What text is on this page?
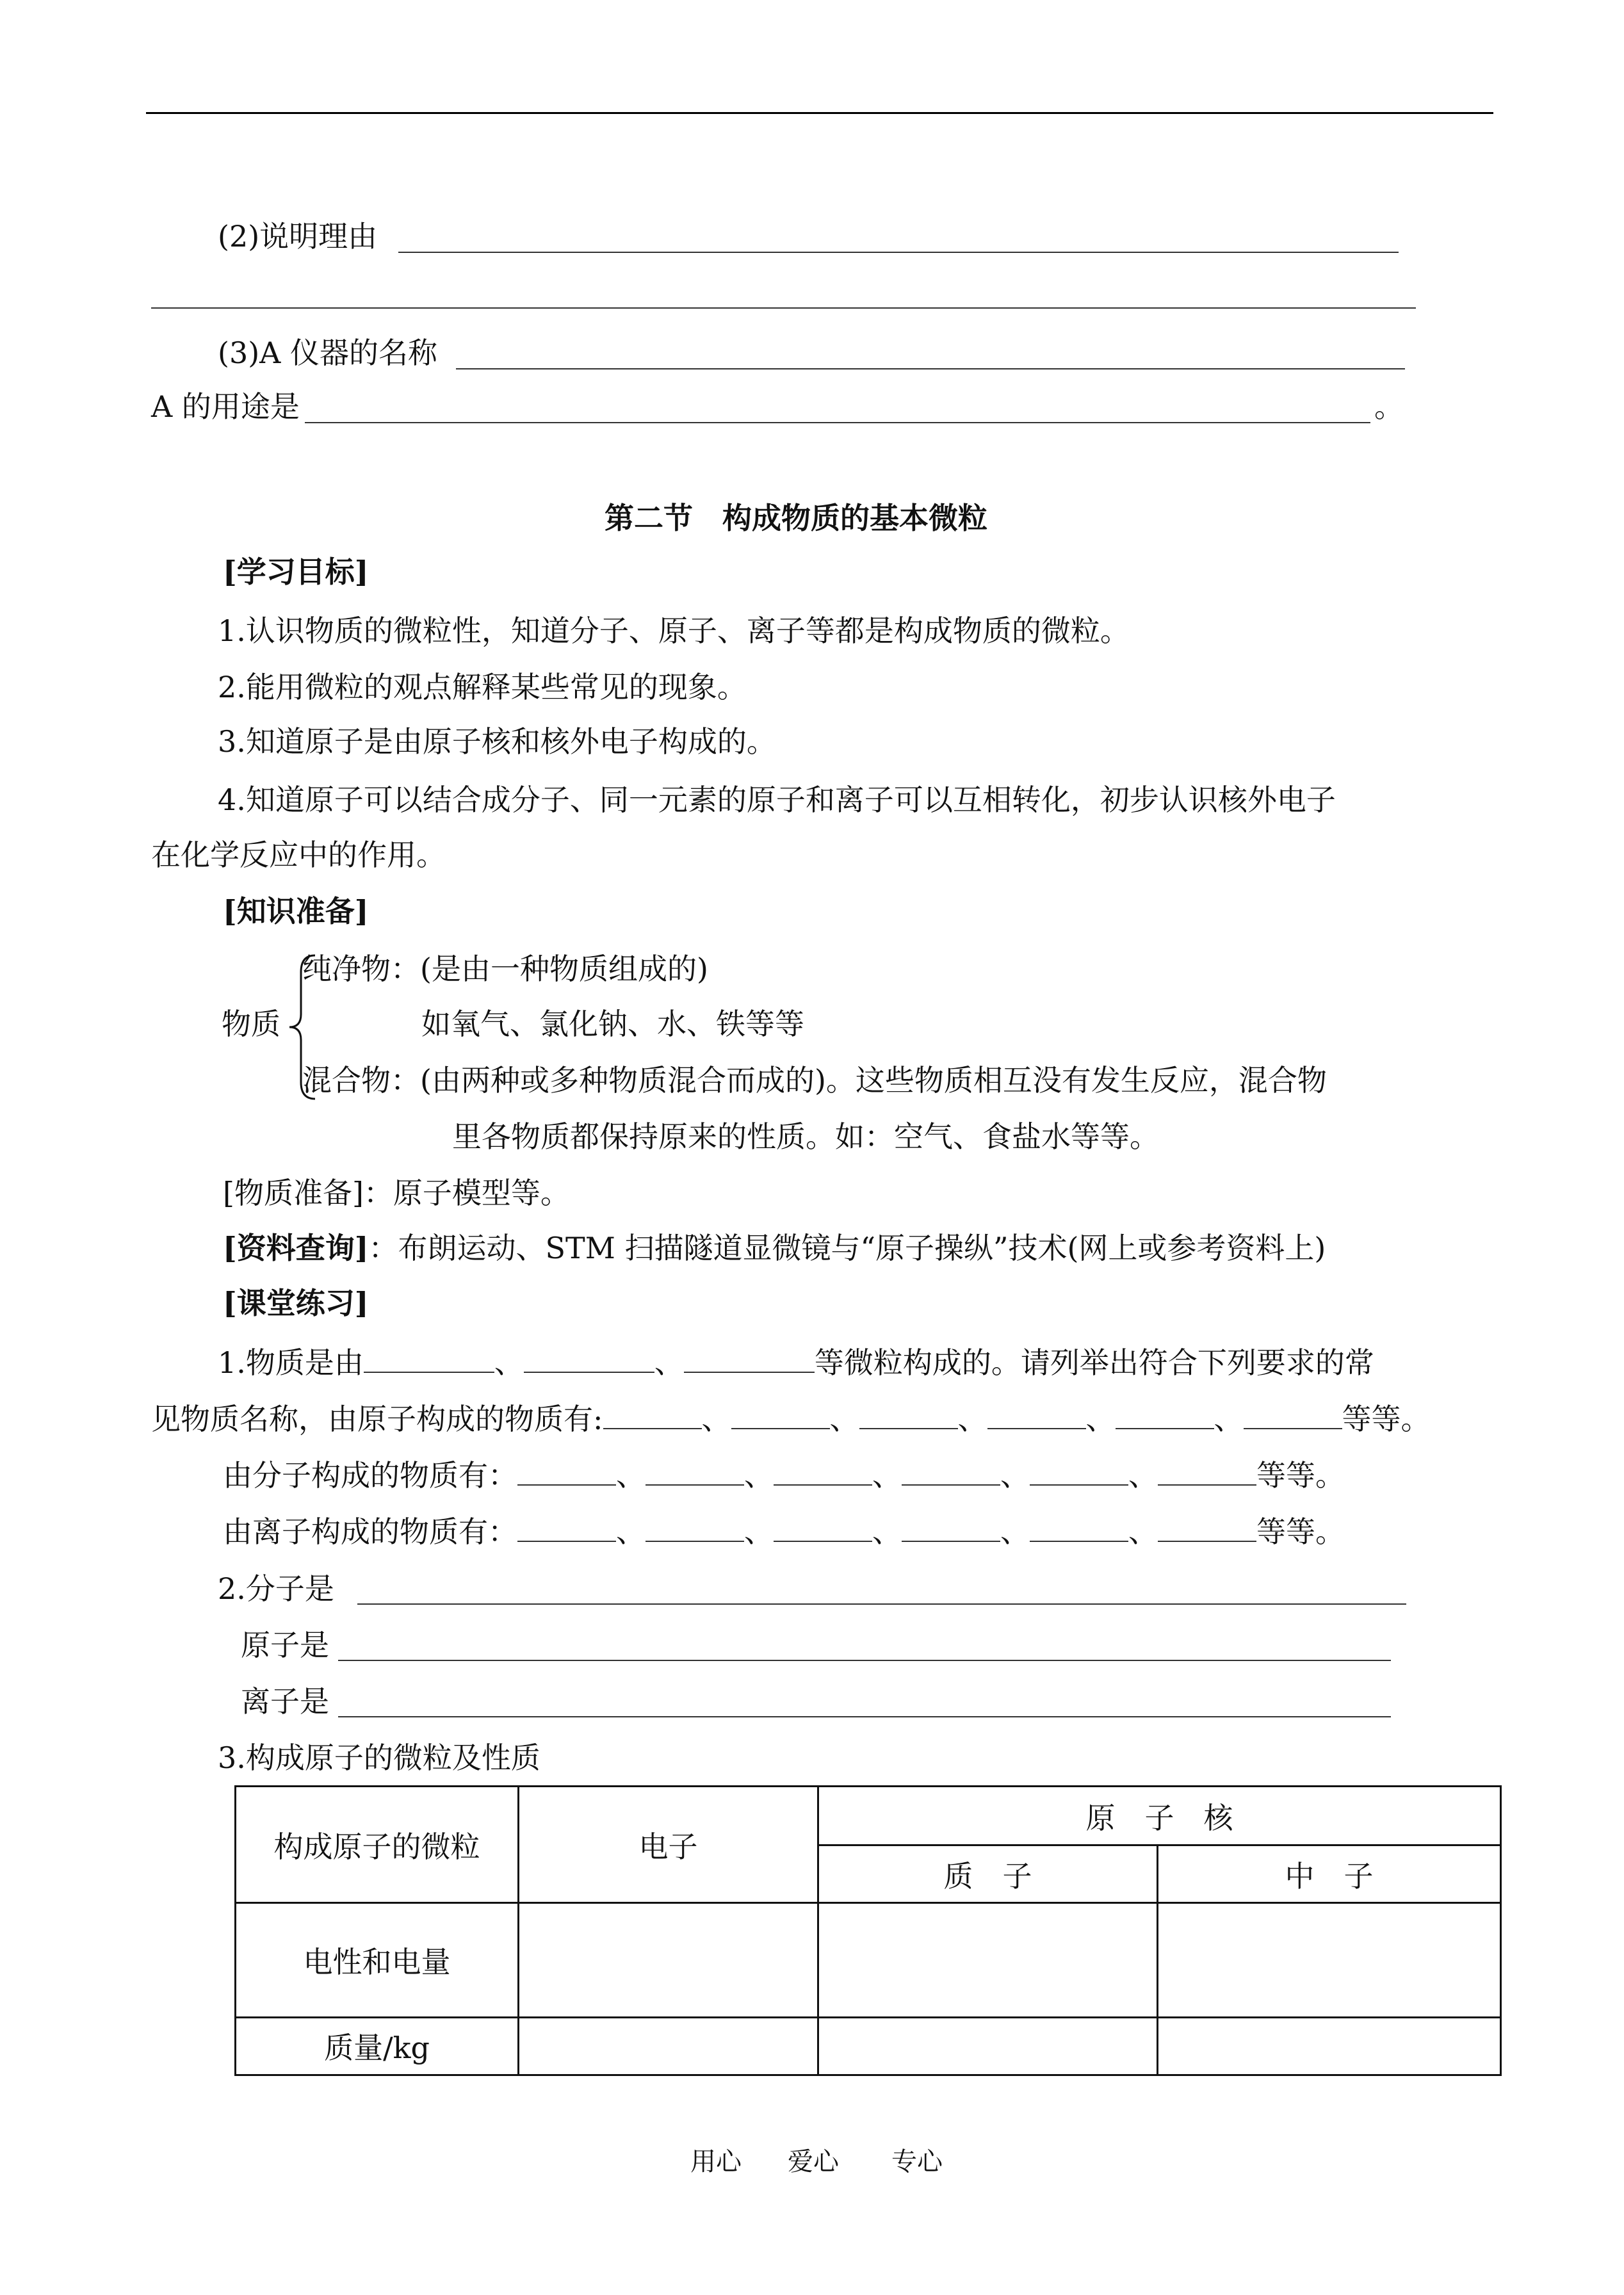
(2)说明理由
(3)A 仪器的名称
A 的用途是	。
第二节　构成物质的基本微粒
[学习目标]
1.认识物质的微粒性，知道分子、原子、离子等都是构成物质的微粒。
2.能用微粒的观点解释某些常见的现象。
3.知道原子是由原子核和核外电子构成的。
4.知道原子可以结合成分子、同一元素的原子和离子可以互相转化，初步认识核外电子
在化学反应中的作用。
[知识准备]
纯净物：(是由一种物质组成的)
物质	如氧气、氯化钠、水、铁等等
混合物：(由两种或多种物质混合而成的)。这些物质相互没有发生反应，混合物
里各物质都保持原来的性质。如：空气、食盐水等等。
[物质准备]：原子模型等。
[资料查询]：布朗运动、STM 扫描隧道显微镜与“原子操纵”技术(网上或参考资料上)
[课堂练习]
1.物质是由	、	、	等微粒构成的。请列举出符合下列要求的常
见物质名称，由原子构成的物质有:	、	、	、	、	、	等等。
由分子构成的物质有：	、	、	、	、	、	等等。
由离子构成的物质有：	、	、	、	、	、	等等。
2.分子是
原子是
离子是
3.构成原子的微粒及性质
构成原子的微粒	电子	原　子　核	
		质　子	中　子
电性和电量			
质量/kg			
用心 爱心 专心
